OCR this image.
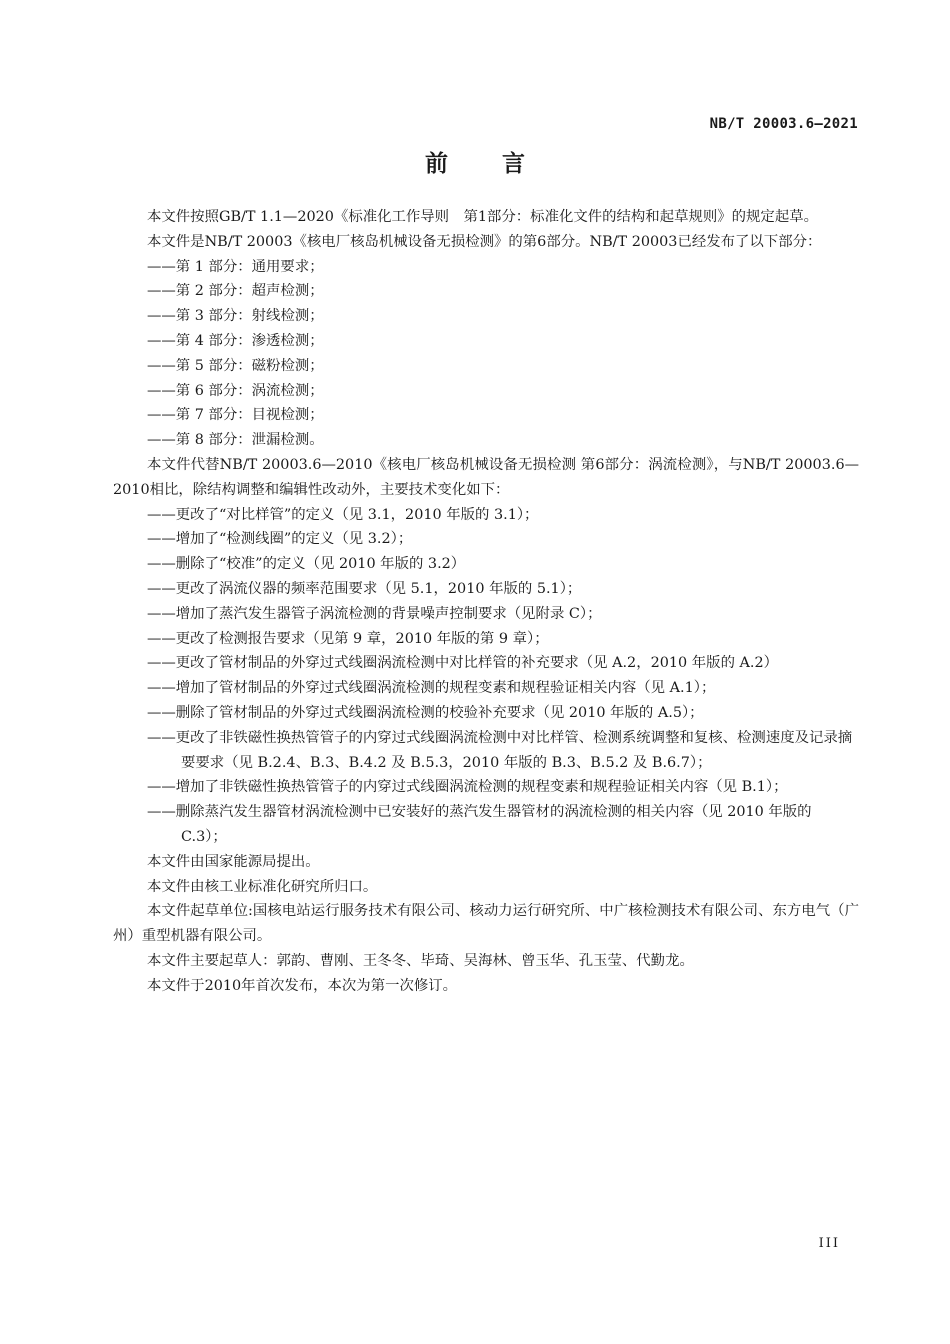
NB/T 20003.6—2021
前言

本文件按照GB/T 1.1—2020《标准化工作导则　第1部分：标准化文件的结构和起草规则》的规定起草。

本文件是NB/T 20003《核电厂核岛机械设备无损检测》的第6部分。NB/T 20003已经发布了以下部分：

——第 1 部分：通用要求；

——第 2 部分：超声检测；

——第 3 部分：射线检测；

——第 4 部分：渗透检测；

——第 5 部分：磁粉检测；

——第 6 部分：涡流检测；

——第 7 部分：目视检测；

——第 8 部分：泄漏检测。

本文件代替NB/T 20003.6—2010《核电厂核岛机械设备无损检测 第6部分：涡流检测》，与NB/T 20003.6—2010相比，除结构调整和编辑性改动外，主要技术变化如下：

——更改了“对比样管”的定义（见 3.1，2010 年版的 3.1）；

——增加了“检测线圈”的定义（见 3.2）；

——删除了“校准”的定义（见 2010 年版的 3.2）

——更改了涡流仪器的频率范围要求（见 5.1，2010 年版的 5.1）；

——增加了蒸汽发生器管子涡流检测的背景噪声控制要求（见附录 C）；

——更改了检测报告要求（见第 9 章，2010 年版的第 9 章）；

——更改了管材制品的外穿过式线圈涡流检测中对比样管的补充要求（见 A.2，2010 年版的 A.2）

——增加了管材制品的外穿过式线圈涡流检测的规程变素和规程验证相关内容（见 A.1）；

——删除了管材制品的外穿过式线圈涡流检测的校验补充要求（见 2010 年版的 A.5）；

——更改了非铁磁性换热管管子的内穿过式线圈涡流检测中对比样管、检测系统调整和复核、检测速度及记录摘要要求（见 B.2.4、B.3、B.4.2 及 B.5.3，2010 年版的 B.3、B.5.2 及 B.6.7）；

——增加了非铁磁性换热管管子的内穿过式线圈涡流检测的规程变素和规程验证相关内容（见 B.1）；

——删除蒸汽发生器管材涡流检测中已安装好的蒸汽发生器管材的涡流检测的相关内容（见 2010 年版的 C.3）；

本文件由国家能源局提出。

本文件由核工业标准化研究所归口。

本文件起草单位:国核电站运行服务技术有限公司、核动力运行研究所、中广核检测技术有限公司、东方电气（广州）重型机器有限公司。

本文件主要起草人：郭韵、曹刚、王冬冬、毕琦、吴海林、曾玉华、孔玉莹、代勤龙。

本文件于2010年首次发布，本次为第一次修订。

III
